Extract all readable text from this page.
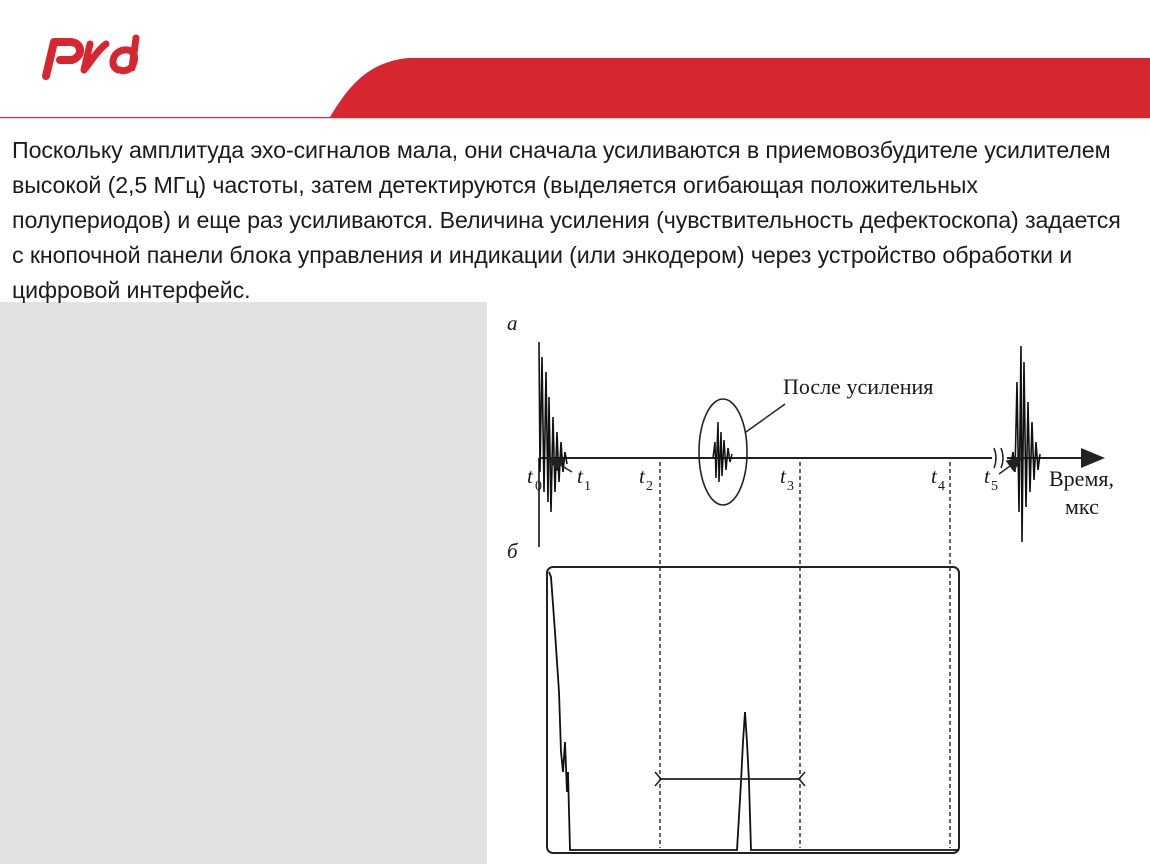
Поскольку амплитуда эхо-сигналов мала, они сначала усиливаются в приемовозбудителе усилителем высокой (2,5 МГц) частоты, затем детектируются (выделяется огибающая положительных полупериодов) и еще раз усиливаются. Величина усиления (чувствительность дефектоскопа) задается с кнопочной панели блока управления и индикации (или энкодером) через устройство обработки и цифровой интерфейс.

а
После усиления
t 0 t 1 t 2	t 3	t 4 t 5 Время,
мкс
б
